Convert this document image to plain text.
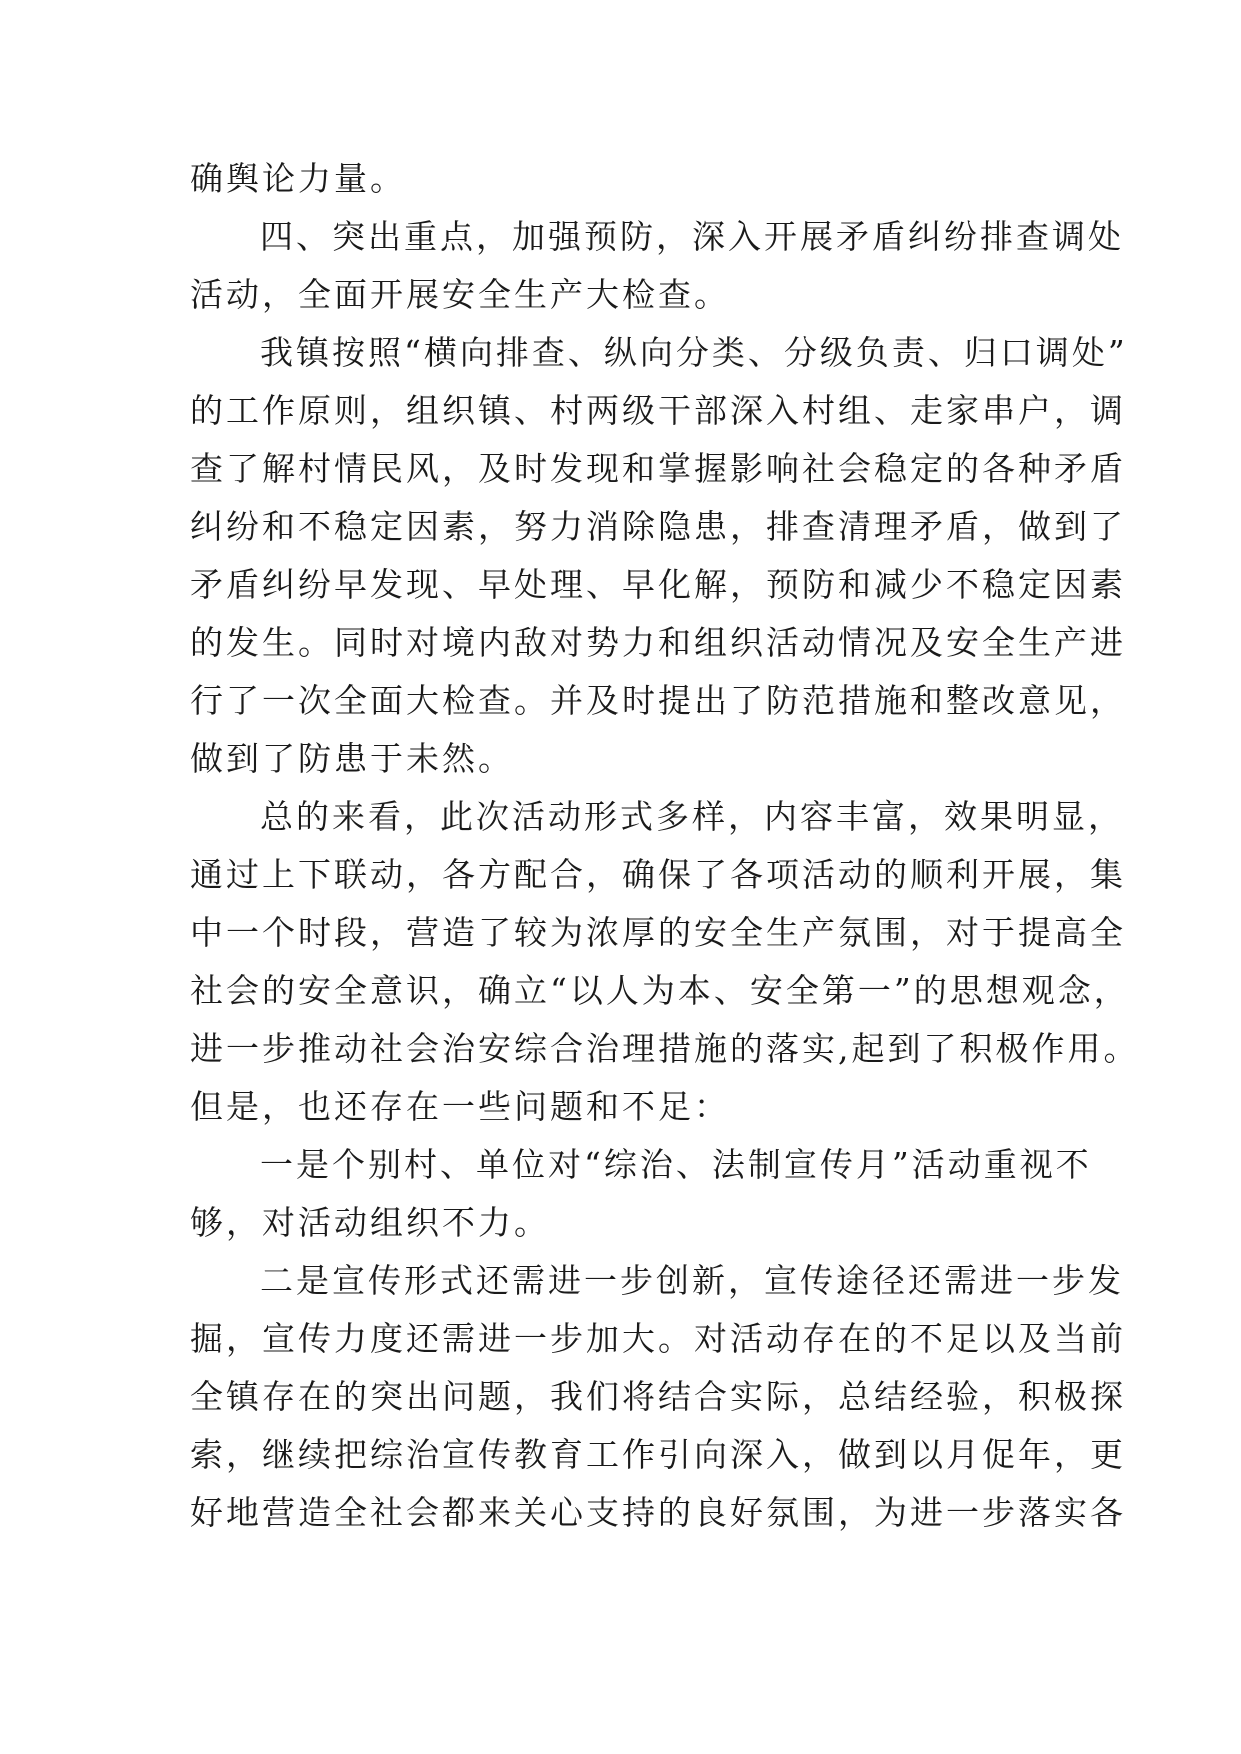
确舆论力量。
四、突出重点，加强预防，深入开展矛盾纠纷排查调处
活动，全面开展安全生产大检查。
我镇按照“横向排查、纵向分类、分级负责、归口调处”
的工作原则，组织镇、村两级干部深入村组、走家串户，调
查了解村情民风，及时发现和掌握影响社会稳定的各种矛盾
纠纷和不稳定因素，努力消除隐患，排查清理矛盾，做到了
矛盾纠纷早发现、早处理、早化解，预防和减少不稳定因素
的发生。同时对境内敌对势力和组织活动情况及安全生产进
行了一次全面大检查。并及时提出了防范措施和整改意见，
做到了防患于未然。
总的来看，此次活动形式多样，内容丰富，效果明显，
通过上下联动，各方配合，确保了各项活动的顺利开展，集
中一个时段，营造了较为浓厚的安全生产氛围，对于提高全
社会的安全意识，确立“以人为本、安全第一”的思想观念，
进一步推动社会治安综合治理措施的落实,起到了积极作用。
但是，也还存在一些问题和不足：
一是个别村、单位对“综治、法制宣传月”活动重视不
够，对活动组织不力。
二是宣传形式还需进一步创新，宣传途径还需进一步发
掘，宣传力度还需进一步加大。对活动存在的不足以及当前
全镇存在的突出问题，我们将结合实际，总结经验，积极探
索，继续把综治宣传教育工作引向深入，做到以月促年，更
好地营造全社会都来关心支持的良好氛围，为进一步落实各
